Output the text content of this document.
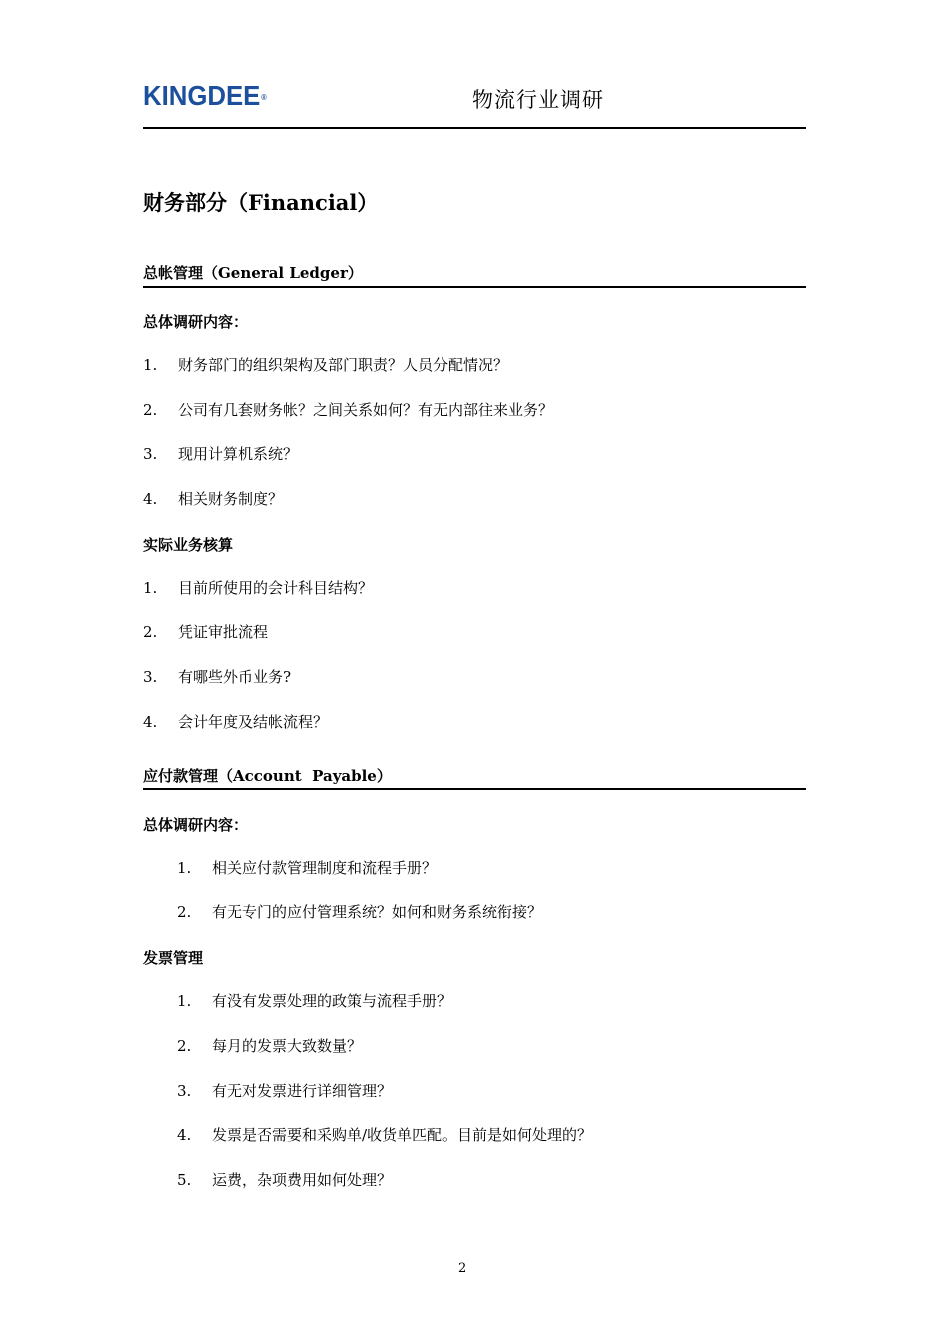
KINGDEE®	物流行业调研
财务部分（Financial）
总帐管理（General Ledger）
总体调研内容：
1. 财务部门的组织架构及部门职责？人员分配情况？
2. 公司有几套财务帐？之间关系如何？有无内部往来业务？
3. 现用计算机系统？
4. 相关财务制度？
实际业务核算
1. 目前所使用的会计科目结构？
2. 凭证审批流程
3. 有哪些外币业务?
4. 会计年度及结帐流程？
应付款管理（Account  Payable）
总体调研内容：
1. 相关应付款管理制度和流程手册？
2. 有无专门的应付管理系统？如何和财务系统衔接？
发票管理
1. 有没有发票处理的政策与流程手册？
2. 每月的发票大致数量？
3. 有无对发票进行详细管理？
4. 发票是否需要和采购单/收货单匹配。目前是如何处理的？
5. 运费，杂项费用如何处理？
2
